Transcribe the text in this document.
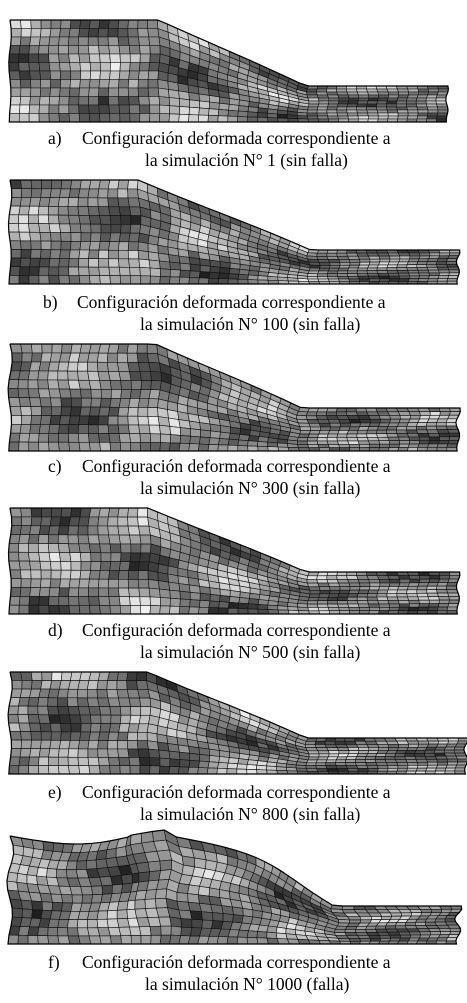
a) Configuración deformada correspondiente a
la simulación N° 1 (sin falla)
b) Configuración deformada correspondiente a
la simulación N° 100 (sin falla)
c) Configuración deformada correspondiente a
la simulación N° 300 (sin falla)
d) Configuración deformada correspondiente a
la simulación N° 500 (sin falla)
e) Configuración deformada correspondiente a
la simulación N° 800 (sin falla)
f) Configuración deformada correspondiente a
la simulación N° 1000 (falla)
